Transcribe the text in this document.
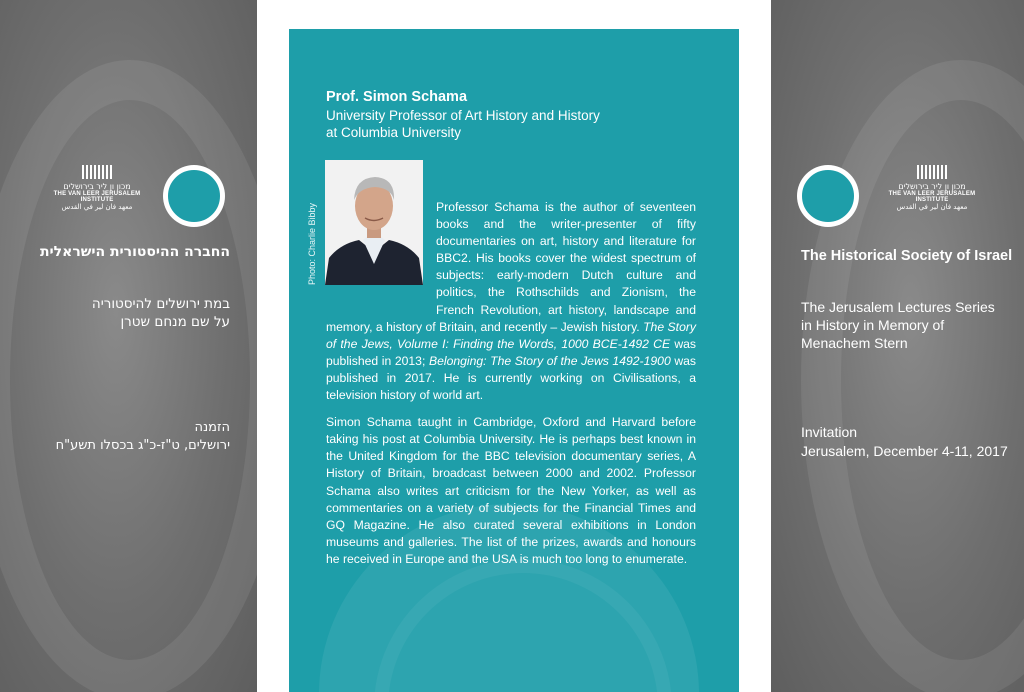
מכון ון ליר בירושלים
THE VAN LEER JERUSALEM INSTITUTE
معهد فان لير في القدس
החברה ההיסטורית הישראלית
במת ירושלים להיסטוריה
על שם מנחם שטרן
הזמנה
ירושלים, ט"ז-כ"ג בכסלו תשע"ח
Prof. Simon Schama
University Professor of Art History and History
at Columbia University
Photo: Charlie Bibby	Professor Schama is the author of seventeen books and the writer-presenter of fifty documentaries on art, history and literature for BBC2. His books cover the widest spectrum of subjects: early-modern Dutch culture and politics, the Rothschilds and Zionism, the French Revolution, art history, landscape and memory, a history of Britain, and recently – Jewish history. The Story of the Jews, Volume I: Finding the Words, 1000 BCE-1492 CE was published in 2013; Belonging: The Story of the Jews 1492-1900 was published in 2017. He is currently working on Civilisations, a television history of world art.

Simon Schama taught in Cambridge, Oxford and Harvard before taking his post at Columbia University. He is perhaps best known in the United Kingdom for the BBC television documentary series, A History of Britain, broadcast between 2000 and 2002. Professor Schama also writes art criticism for the New Yorker, as well as commentaries on a variety of subjects for the Financial Times and GQ Magazine. He also curated several exhibitions in London museums and galleries. The list of the prizes, awards and honours he received in Europe and the USA is much too long to enumerate.

מכון ון ליר בירושלים
THE VAN LEER JERUSALEM INSTITUTE
معهد فان لير في القدس
The Historical Society of Israel
The Jerusalem Lectures Series
in History in Memory of
Menachem Stern
Invitation
Jerusalem, December 4-11, 2017
